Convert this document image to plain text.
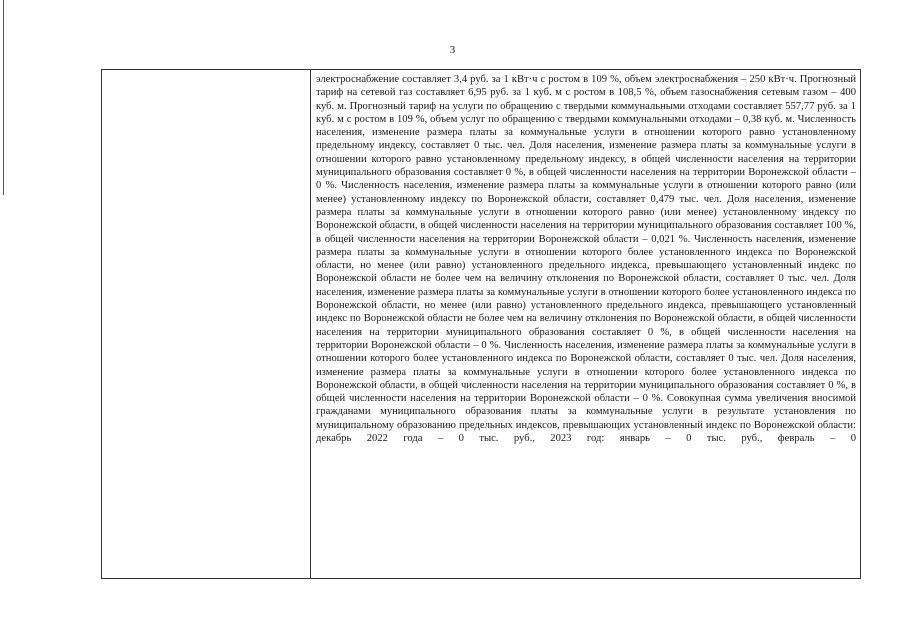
3

электроснабжение составляет 3,4 руб. за 1 кВт·ч с ростом в 109 %, объем электроснабжения – 250 кВт·ч. Прогнозный тариф на сетевой газ составляет 6,95 руб. за 1 куб. м с ростом в 108,5 %, объем газоснабжения сетевым газом – 400 куб. м. Прогнозный тариф на услуги по обращению с твердыми коммунальными отходами составляет 557,77 руб. за 1 куб. м с ростом в 109 %, объем услуг по обращению с твердыми коммунальными отходами – 0,38 куб. м. Численность населения, изменение размера платы за коммунальные услуги в отношении которого равно установленному предельному индексу, составляет 0 тыс. чел. Доля населения, изменение размера платы за коммунальные услуги в отношении которого равно установленному предельному индексу, в общей численности населения на территории муниципального образования составляет 0 %, в общей численности населения на территории Воронежской области – 0 %. Численность населения, изменение размера платы за коммунальные услуги в отношении которого равно (или менее) установленному индексу по Воронежской области, составляет 0,479 тыс. чел. Доля населения, изменение размера платы за коммунальные услуги в отношении которого равно (или менее) установленному индексу по Воронежской области, в общей численности населения на территории муниципального образования составляет 100 %, в общей численности населения на территории Воронежской области – 0,021 %. Численность населения, изменение размера платы за коммунальные услуги в отношении которого более установленного индекса по Воронежской области, но менее (или равно) установленного предельного индекса, превышающего установленный индекс по Воронежской области не более чем на величину отклонения по Воронежской области, составляет 0 тыс. чел. Доля населения, изменение размера платы за коммунальные услуги в отношении которого более установленного индекса по Воронежской области, но менее (или равно) установленного предельного индекса, превышающего установленный индекс по Воронежской области не более чем на величину отклонения по Воронежской области, в общей численности населения на территории муниципального образования составляет 0 %, в общей численности населения на территории Воронежской области – 0 %. Численность населения, изменение размера платы за коммунальные услуги в отношении которого более установленного индекса по Воронежской области, составляет 0 тыс. чел. Доля населения, изменение размера платы за коммунальные услуги в отношении которого более установленного индекса по Воронежской области, в общей численности населения на территории муниципального образования составляет 0 %, в общей численности населения на территории Воронежской области – 0 %. Совокупная сумма увеличения вносимой гражданами муниципального образования платы за коммунальные услуги в результате установления по муниципальному образованию предельных индексов, превышающих установленный индекс по Воронежской области: декабрь 2022 года – 0 тыс. руб., 2023 год: январь – 0 тыс. руб., февраль – 0
